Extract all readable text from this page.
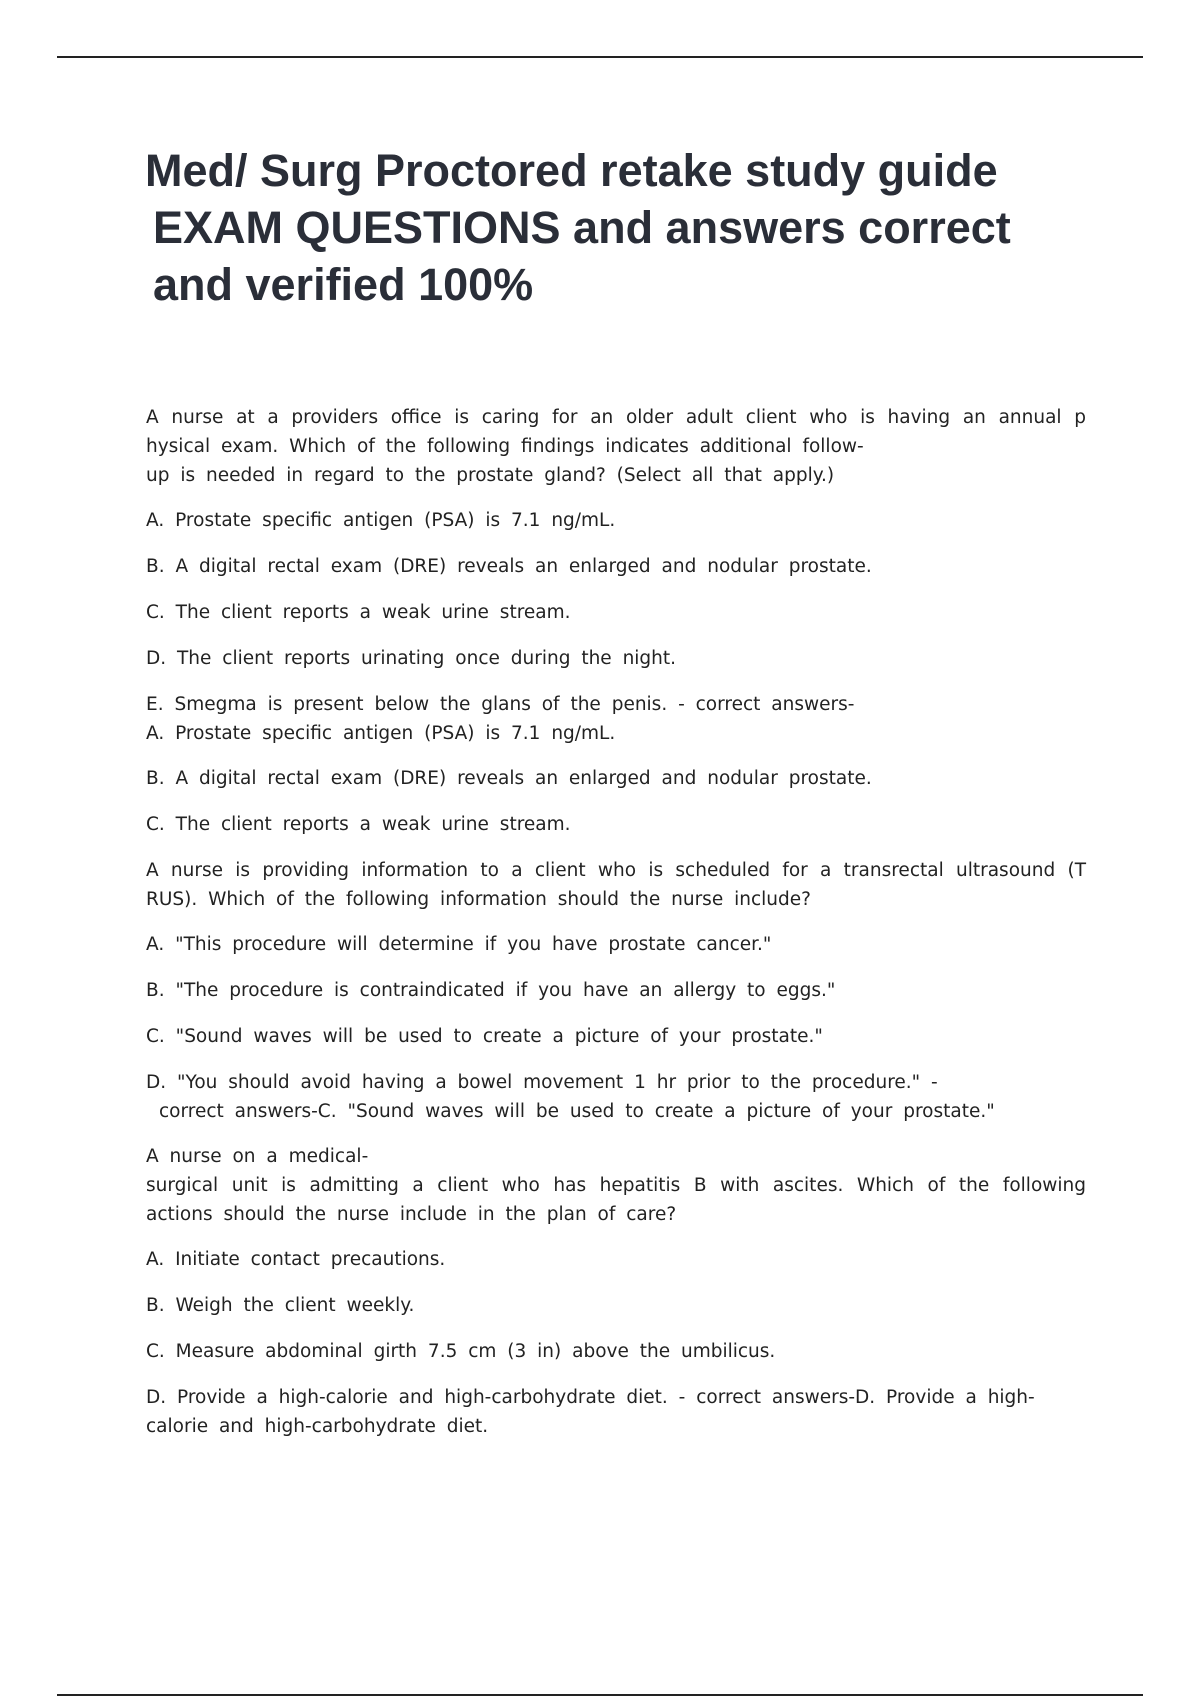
Med/ Surg Proctored retake study guide
EXAM QUESTIONS and answers correct
and verified 100%
A nurse at a providers office is caring for an older adult client who is having an annual p
hysical exam. Which of the following findings indicates additional follow-
up is needed in regard to the prostate gland? (Select all that apply.)
A. Prostate specific antigen (PSA) is 7.1 ng/mL.
B. A digital rectal exam (DRE) reveals an enlarged and nodular prostate.
C. The client reports a weak urine stream.
D. The client reports urinating once during the night.
E. Smegma is present below the glans of the penis. - correct answers-
A. Prostate specific antigen (PSA) is 7.1 ng/mL.
B. A digital rectal exam (DRE) reveals an enlarged and nodular prostate.
C. The client reports a weak urine stream.
A nurse is providing information to a client who is scheduled for a transrectal ultrasound (T
RUS). Which of the following information should the nurse include?
A. "This procedure will determine if you have prostate cancer."
B. "The procedure is contraindicated if you have an allergy to eggs."
C. "Sound waves will be used to create a picture of your prostate."
D. "You should avoid having a bowel movement 1 hr prior to the procedure." -
correct answers-C. "Sound waves will be used to create a picture of your prostate."
A nurse on a medical-
surgical unit is admitting a client who has hepatitis B with ascites. Which of the following
actions should the nurse include in the plan of care?
A. Initiate contact precautions.
B. Weigh the client weekly.
C. Measure abdominal girth 7.5 cm (3 in) above the umbilicus.
D. Provide a high-calorie and high-carbohydrate diet. - correct answers-D. Provide a high-
calorie and high-carbohydrate diet.
